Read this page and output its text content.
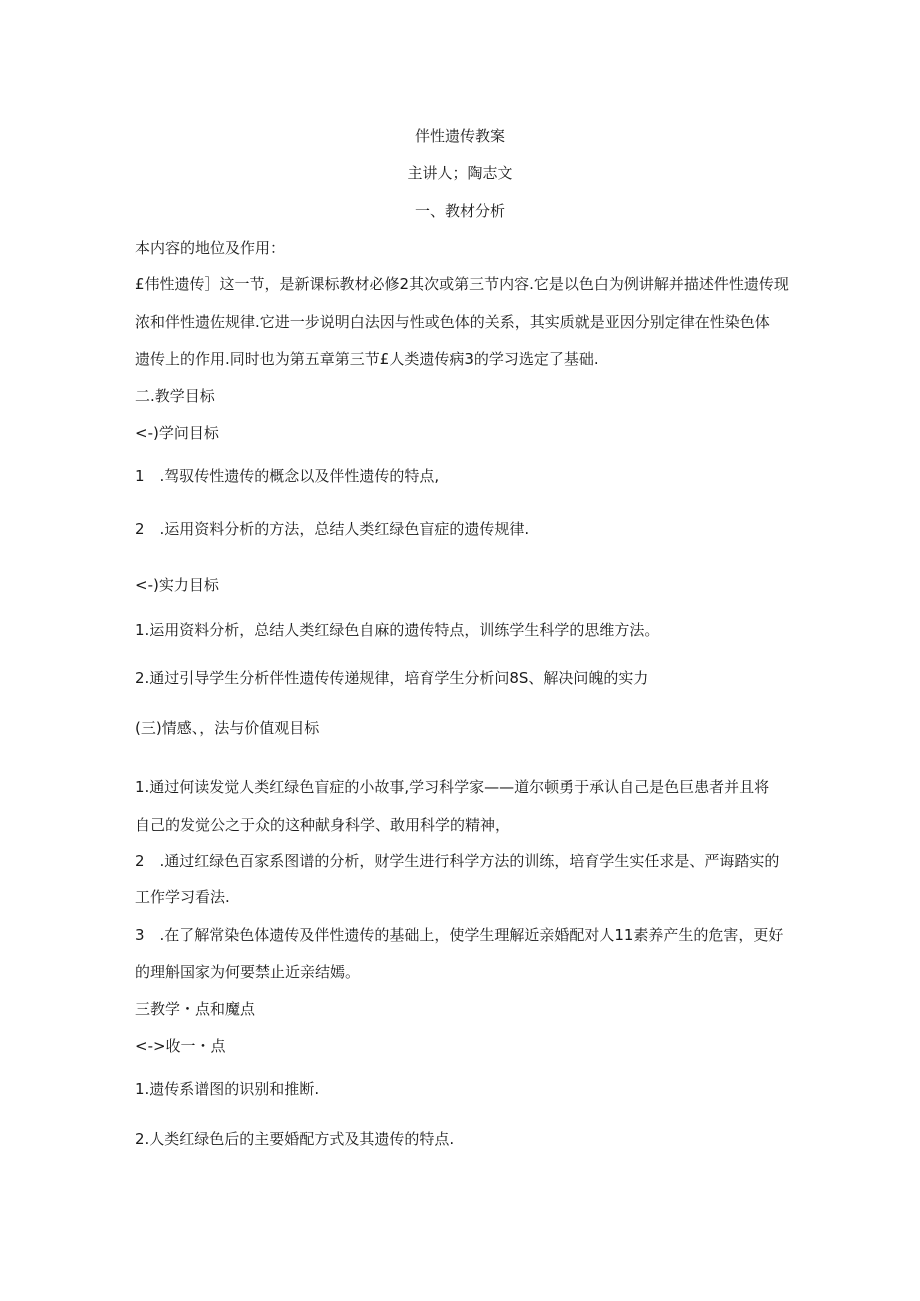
伴性遗传教案
主讲人；陶志文
一、教材分析
本内容的地位及作用：
£伟性遗传］这一节，是新课标教材必修2其次或第三节内容.它是以色白为例讲解并描述件性遗传现
浓和伴性遗佐规律.它进一步说明白法因与性或色体的关系，其实质就是亚因分别定律在性染色体
遗传上的作用.同时也为第五章第三节£人类遗传病3的学习选定了基础.
二.教学目标
<-)学问目标
1　.驾驭传性遗传的概念以及伴性遗传的特点,
2　.运用资料分析的方法，总结人类红绿色盲症的遗传规律.
<-)实力目标
1.运用资料分析，总结人类红绿色自麻的遗传特点，训练学生科学的思维方法。
2.通过引导学生分析伴性遗传传递规律，培育学生分析问8S、解决问魄的实力
(三)情感、，法与价值观目标
1.通过何读发觉人类红绿色盲症的小故事,学习科学家——道尔顿勇于承认自己是色巨患者并且将
自己的发觉公之于众的这种献身科学、敢用科学的精神，
2　.通过红绿色百家系图谱的分析，财学生进行科学方法的训练，培育学生实任求是、严诲踏实的
工作学习看法.
3　.在了解常染色体遗传及伴性遗传的基础上，使学生理解近亲婚配对人11素养产生的危害，更好
的理斛国家为何要禁止近亲结嫣。
三教学・点和魔点
<->收一・点
1.遗传系谱图的识别和推断.
2.人类红绿色后的主要婚配方式及其遗传的特点.
